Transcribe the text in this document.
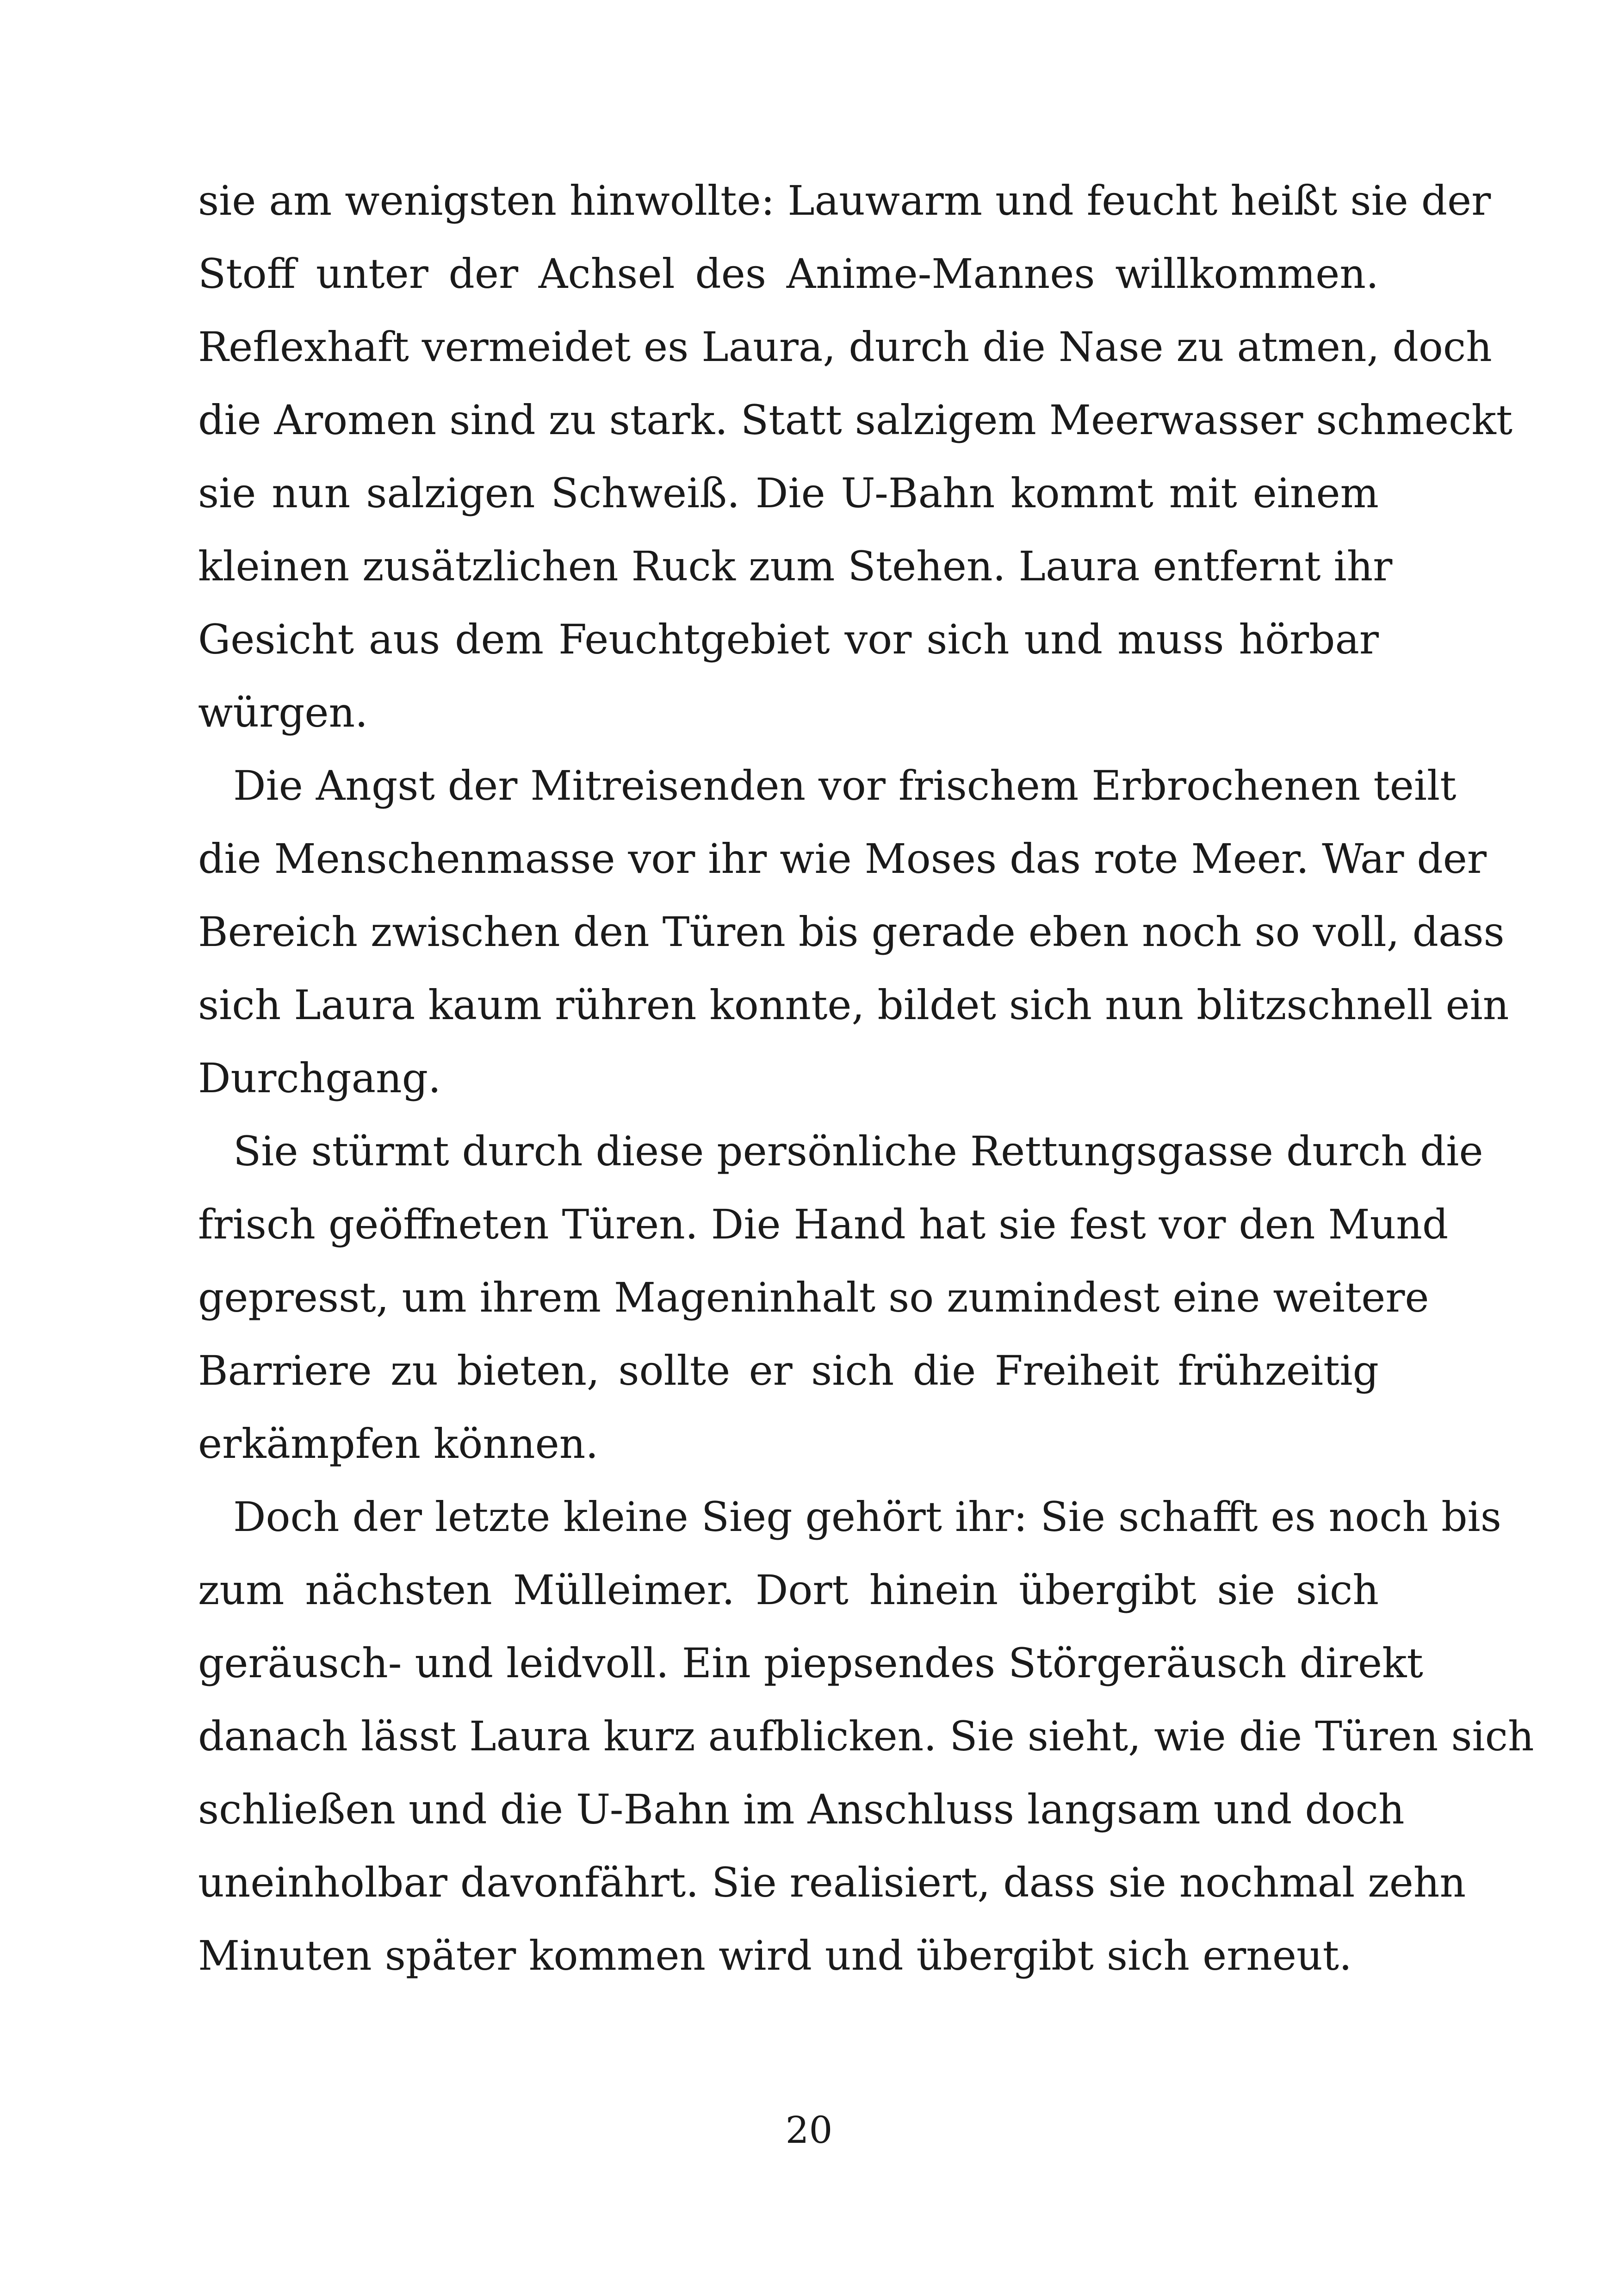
sie am wenigsten hinwollte: Lauwarm und feucht heißt sie der
Stoff unter der Achsel des Anime-Mannes willkommen.
Reflexhaft vermeidet es Laura, durch die Nase zu atmen, doch
die Aromen sind zu stark. Statt salzigem Meerwasser schmeckt
sie nun salzigen Schweiß. Die U-Bahn kommt mit einem
kleinen zusätzlichen Ruck zum Stehen. Laura entfernt ihr
Gesicht aus dem Feuchtgebiet vor sich und muss hörbar
würgen.
Die Angst der Mitreisenden vor frischem Erbrochenen teilt
die Menschenmasse vor ihr wie Moses das rote Meer. War der
Bereich zwischen den Türen bis gerade eben noch so voll, dass
sich Laura kaum rühren konnte, bildet sich nun blitzschnell ein
Durchgang.
Sie stürmt durch diese persönliche Rettungsgasse durch die
frisch geöffneten Türen. Die Hand hat sie fest vor den Mund
gepresst, um ihrem Mageninhalt so zumindest eine weitere
Barriere zu bieten, sollte er sich die Freiheit frühzeitig
erkämpfen können.
Doch der letzte kleine Sieg gehört ihr: Sie schafft es noch bis
zum nächsten Mülleimer. Dort hinein übergibt sie sich
geräusch- und leidvoll. Ein piepsendes Störgeräusch direkt
danach lässt Laura kurz aufblicken. Sie sieht, wie die Türen sich
schließen und die U-Bahn im Anschluss langsam und doch
uneinholbar davonfährt. Sie realisiert, dass sie nochmal zehn
Minuten später kommen wird und übergibt sich erneut.
20
